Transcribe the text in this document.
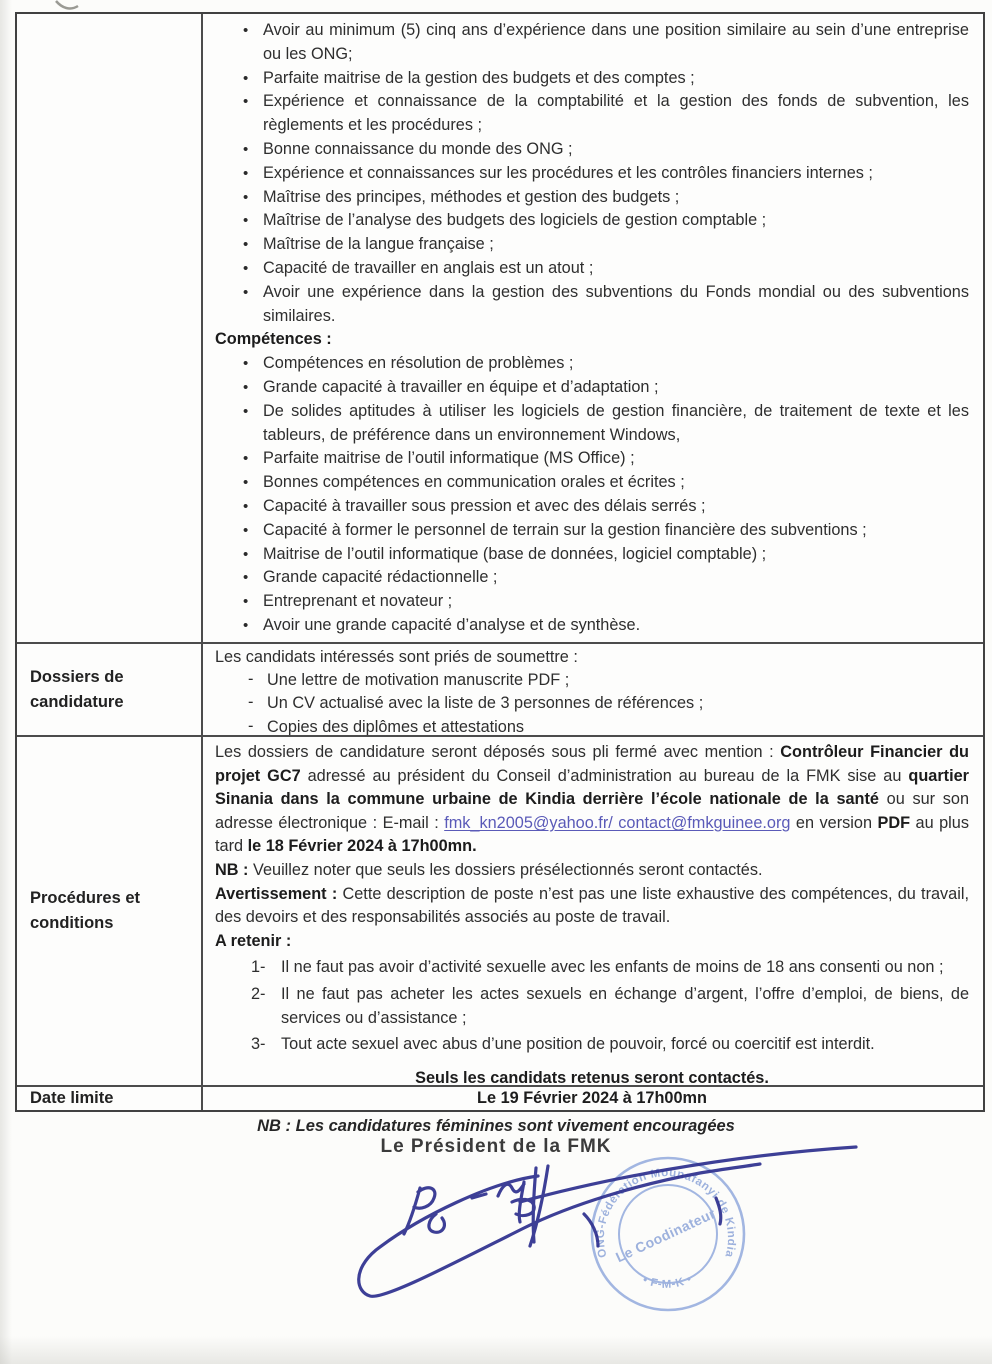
• Avoir au minimum (5) cinq ans d’expérience dans une position similaire au sein d’une entreprise ou les ONG;
• Parfaite maitrise de la gestion des budgets et des comptes ;
• Expérience et connaissance de la comptabilité et la gestion des fonds de subvention, les règlements et les procédures ;
• Bonne connaissance du monde des ONG ;
• Expérience et connaissances sur les procédures et les contrôles financiers internes ;
• Maîtrise des principes, méthodes et gestion des budgets ;
• Maîtrise de l’analyse des budgets des logiciels de gestion comptable ;
• Maîtrise de la langue française ;
• Capacité de travailler en anglais est un atout ;
• Avoir une expérience dans la gestion des subventions du Fonds mondial ou des subventions similaires.
Compétences :
• Compétences en résolution de problèmes ;
• Grande capacité à travailler en équipe et d’adaptation ;
• De solides aptitudes à utiliser les logiciels de gestion financière, de traitement de texte et les tableurs, de préférence dans un environnement Windows,
• Parfaite maitrise de l’outil informatique (MS Office) ;
• Bonnes compétences en communication orales et écrites ;
• Capacité à travailler sous pression et avec des délais serrés ;
• Capacité à former le personnel de terrain sur la gestion financière des subventions ;
• Maitrise de l’outil informatique (base de données, logiciel comptable) ;
• Grande capacité rédactionnelle ;
• Entreprenant et novateur ;
• Avoir une grande capacité d’analyse et de synthèse.
Dossiers de candidature
Les candidats intéressés sont priés de soumettre :
- Une lettre de motivation manuscrite PDF ;
- Un CV actualisé avec la liste de 3 personnes de références ;
- Copies des diplômes et attestations
Procédures et conditions
Les dossiers de candidature seront déposés sous pli fermé avec mention : Contrôleur Financier du projet GC7 adressé au président du Conseil d’administration au bureau de la FMK sise au quartier Sinania dans la commune urbaine de Kindia derrière l’école nationale de la santé ou sur son adresse électronique : E-mail : fmk_kn2005@yahoo.fr/ contact@fmkguinee.org en version PDF au plus tard le 18 Février 2024 à 17h00mn.
NB : Veuillez noter que seuls les dossiers présélectionnés seront contactés.
Avertissement : Cette description de poste n’est pas une liste exhaustive des compétences, du travail, des devoirs et des responsabilités associés au poste de travail.
A retenir :
1- Il ne faut pas avoir d’activité sexuelle avec les enfants de moins de 18 ans consenti ou non ;
2- Il ne faut pas acheter les actes sexuels en échange d’argent, l’offre d’emploi, de biens, de services ou d’assistance ;
3- Tout acte sexuel avec abus d’une position de pouvoir, forcé ou coercitif est interdit.
Seuls les candidats retenus seront contactés.
Date limite	Le 19 Février 2024 à 17h00mn
NB : Les candidatures féminines sont vivement encouragées
Le Président de la FMK
ONG-Fédération Mounafanyi de Kindia
• F-M-K •
Le Coodinateur
